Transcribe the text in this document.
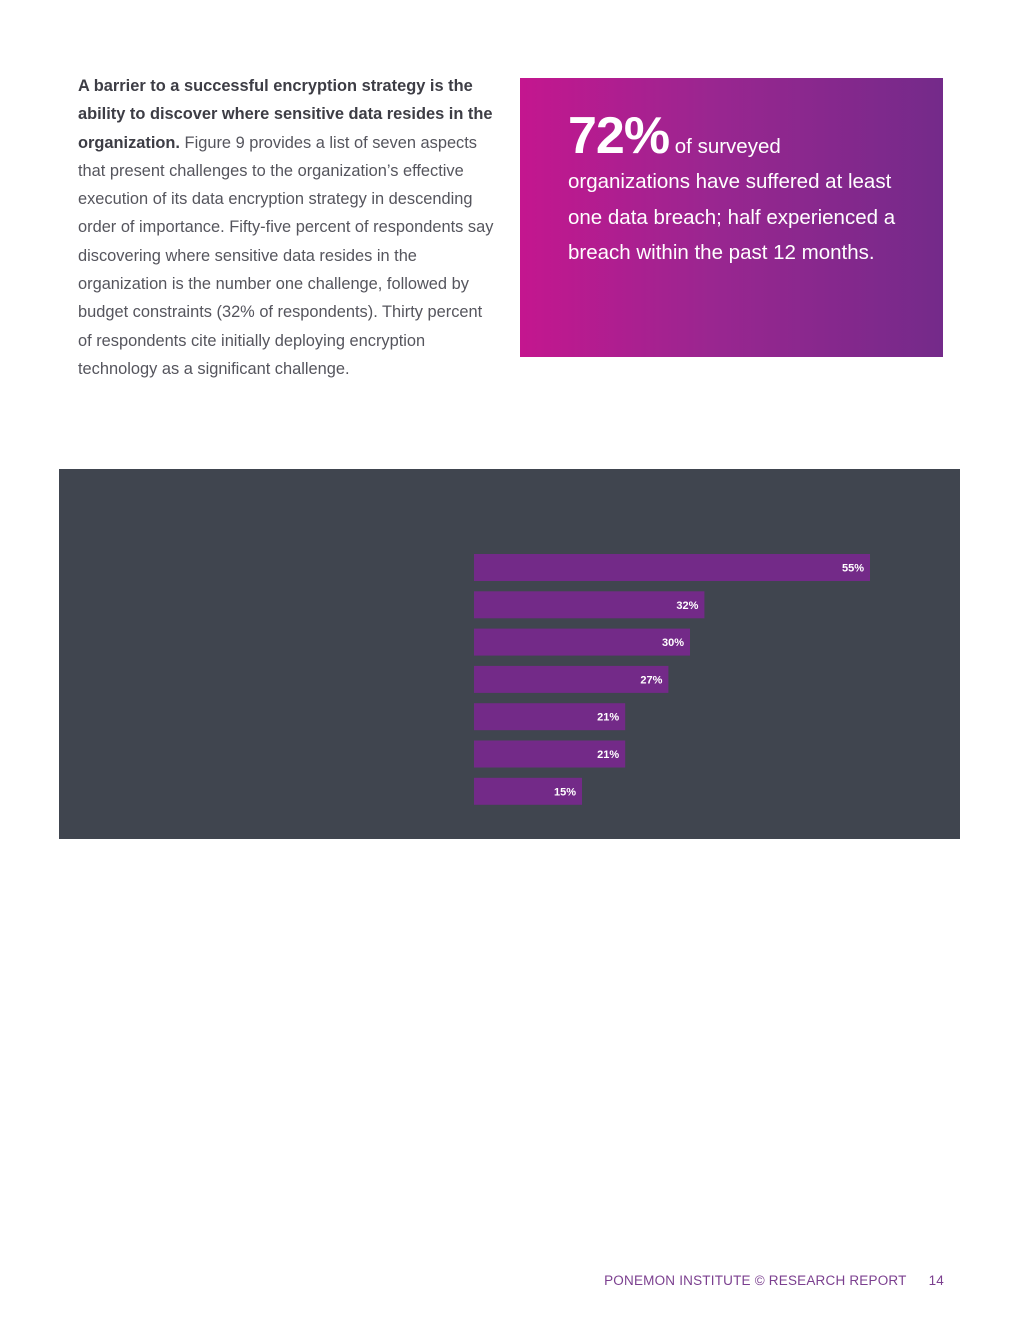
A barrier to a successful encryption strategy is the ability to discover where sensitive data resides in the organization. Figure 9 provides a list of seven aspects that present challenges to the organization’s effective execution of its data encryption strategy in descending order of importance. Fifty-five percent of respondents say discovering where sensitive data resides in the organization is the number one challenge, followed by budget constraints (32% of respondents). Thirty percent of respondents cite initially deploying encryption technology as a significant challenge.
72% of surveyed organizations have suffered at least one data breach; half experienced a breach within the past 12 months.
55%
32%
30%
27%
21%
21%
15%
PONEMON INSTITUTE © RESEARCH REPORT 14
